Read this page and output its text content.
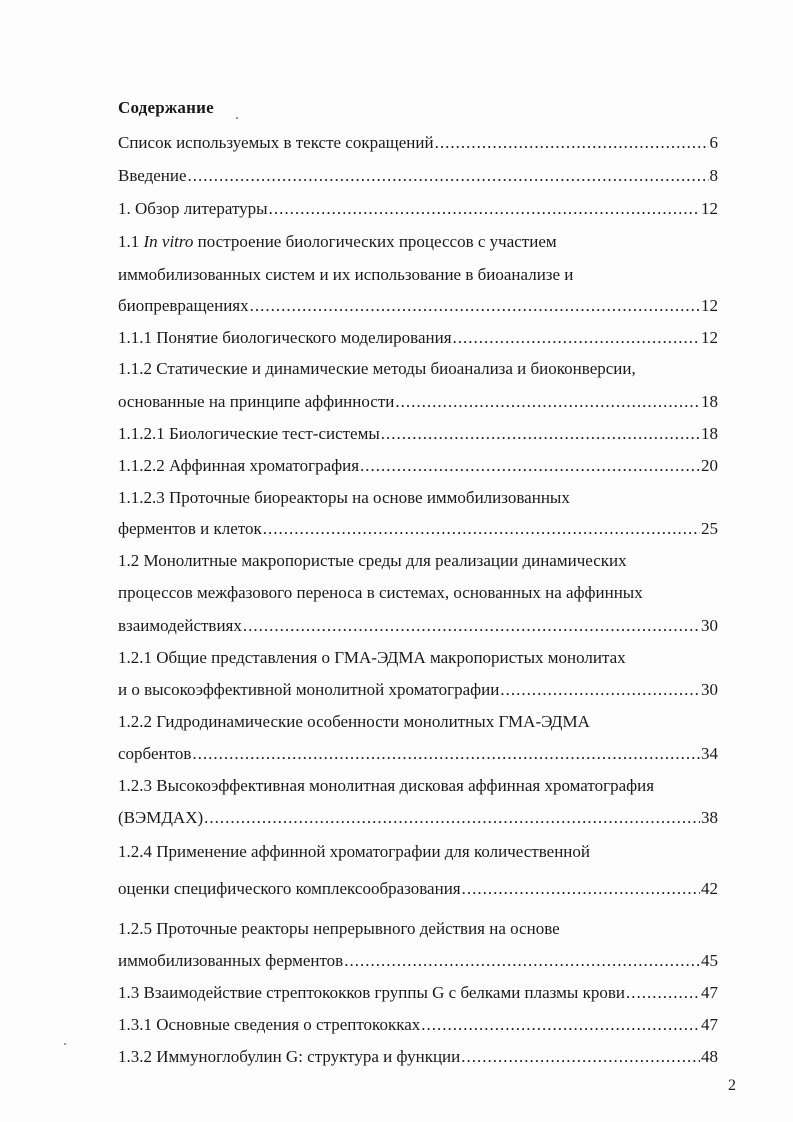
Содержание
Список используемых в тексте сокращений .....	6
Введение .....	8
1. Обзор литературы .....	12
1.1 In vitro построение биологических процессов с участием
иммобилизованных систем и их использование в биоанализе и
биопревращениях .....	12
1.1.1 Понятие биологического моделирования .....	12
1.1.2 Статические и динамические методы биоанализа и биоконверсии,
основанные на принципе аффинности .....	18
1.1.2.1 Биологические тест-системы .....	18
1.1.2.2 Аффинная хроматография .....	20
1.1.2.3 Проточные биореакторы на основе иммобилизованных
ферментов и клеток .....	25
1.2 Монолитные макропористые среды для реализации динамических
процессов межфазового переноса в системах, основанных на аффинных
взаимодействиях .....	30
1.2.1 Общие представления о ГМА-ЭДМА макропористых монолитах
и о высокоэффективной монолитной хроматографии .....	30
1.2.2 Гидродинамические особенности монолитных ГМА-ЭДМА
сорбентов .....	34
1.2.3 Высокоэффективная монолитная дисковая аффинная хроматография
(ВЭМДАХ) .....	38
1.2.4 Применение аффинной хроматографии для количественной
оценки специфического комплексообразования .....	42
1.2.5 Проточные реакторы непрерывного действия на основе
иммобилизованных ферментов .....	45
1.3 Взаимодействие стрептококков группы G с белками плазмы крови .....	47
1.3.1 Основные сведения о стрептококках .....	47
1.3.2 Иммуноглобулин G: структура и функции .....	48
2
